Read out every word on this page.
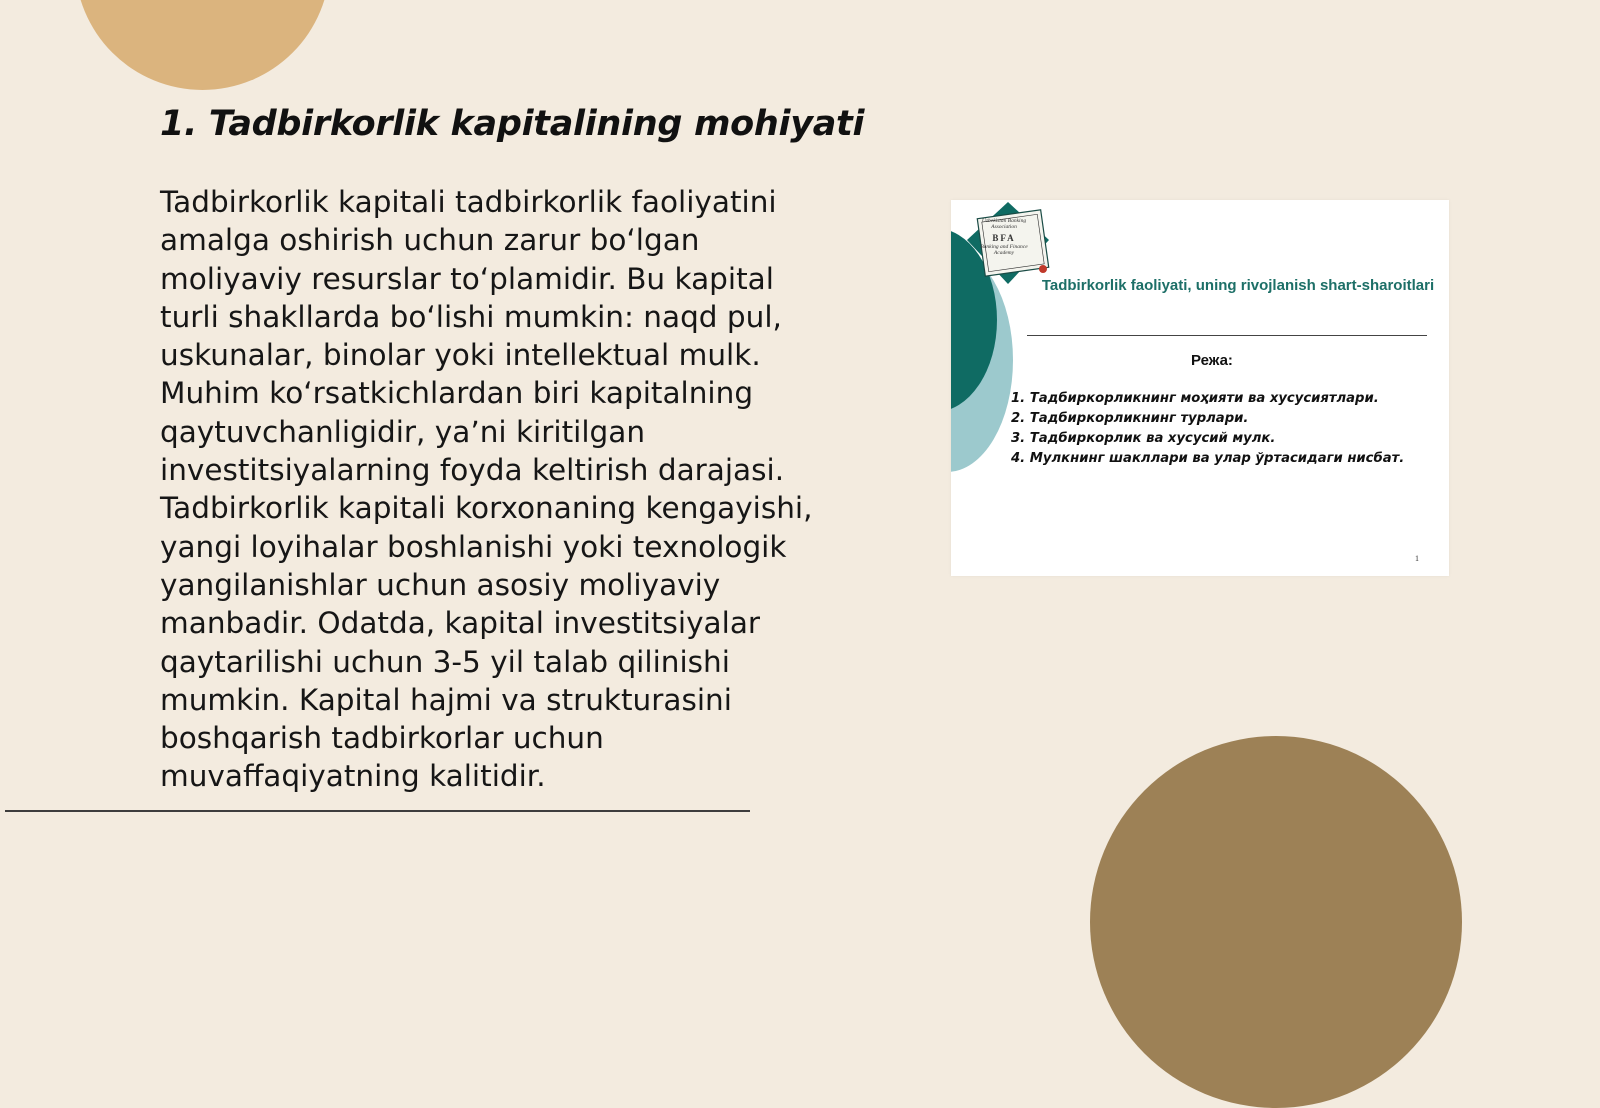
1. Tadbirkorlik kapitalining mohiyati

Tadbirkorlik kapitali tadbirkorlik faoliyatini amalga oshirish uchun zarur bo‘lgan moliyaviy resurslar to‘plamidir. Bu kapital turli shakllarda bo‘lishi mumkin: naqd pul, uskunalar, binolar yoki intellektual mulk. Muhim ko‘rsatkichlardan biri kapitalning qaytuvchanligidir, ya’ni kiritilgan investitsiyalarning foyda keltirish darajasi. Tadbirkorlik kapitali korxonaning kengayishi, yangi loyihalar boshlanishi yoki texnologik yangilanishlar uchun asosiy moliyaviy manbadir. Odatda, kapital investitsiyalar qaytarilishi uchun 3-5 yil talab qilinishi mumkin. Kapital hajmi va strukturasini boshqarish tadbirkorlar uchun muvaffaqiyatning kalitidir.

Uzbekistan Banking Association
BFA
Banking and Finance Academy
Tadbirkorlik faoliyati, uning rivojlanish shart-sharoitlari
Режа:
1. Тадбиркорликнинг моҳияти ва хусусиятлари.
2. Тадбиркорликнинг турлари.
3. Тадбиркорлик ва хусусий мулк.
4. Мулкнинг шакллари ва улар ўртасидаги нисбат.
1
